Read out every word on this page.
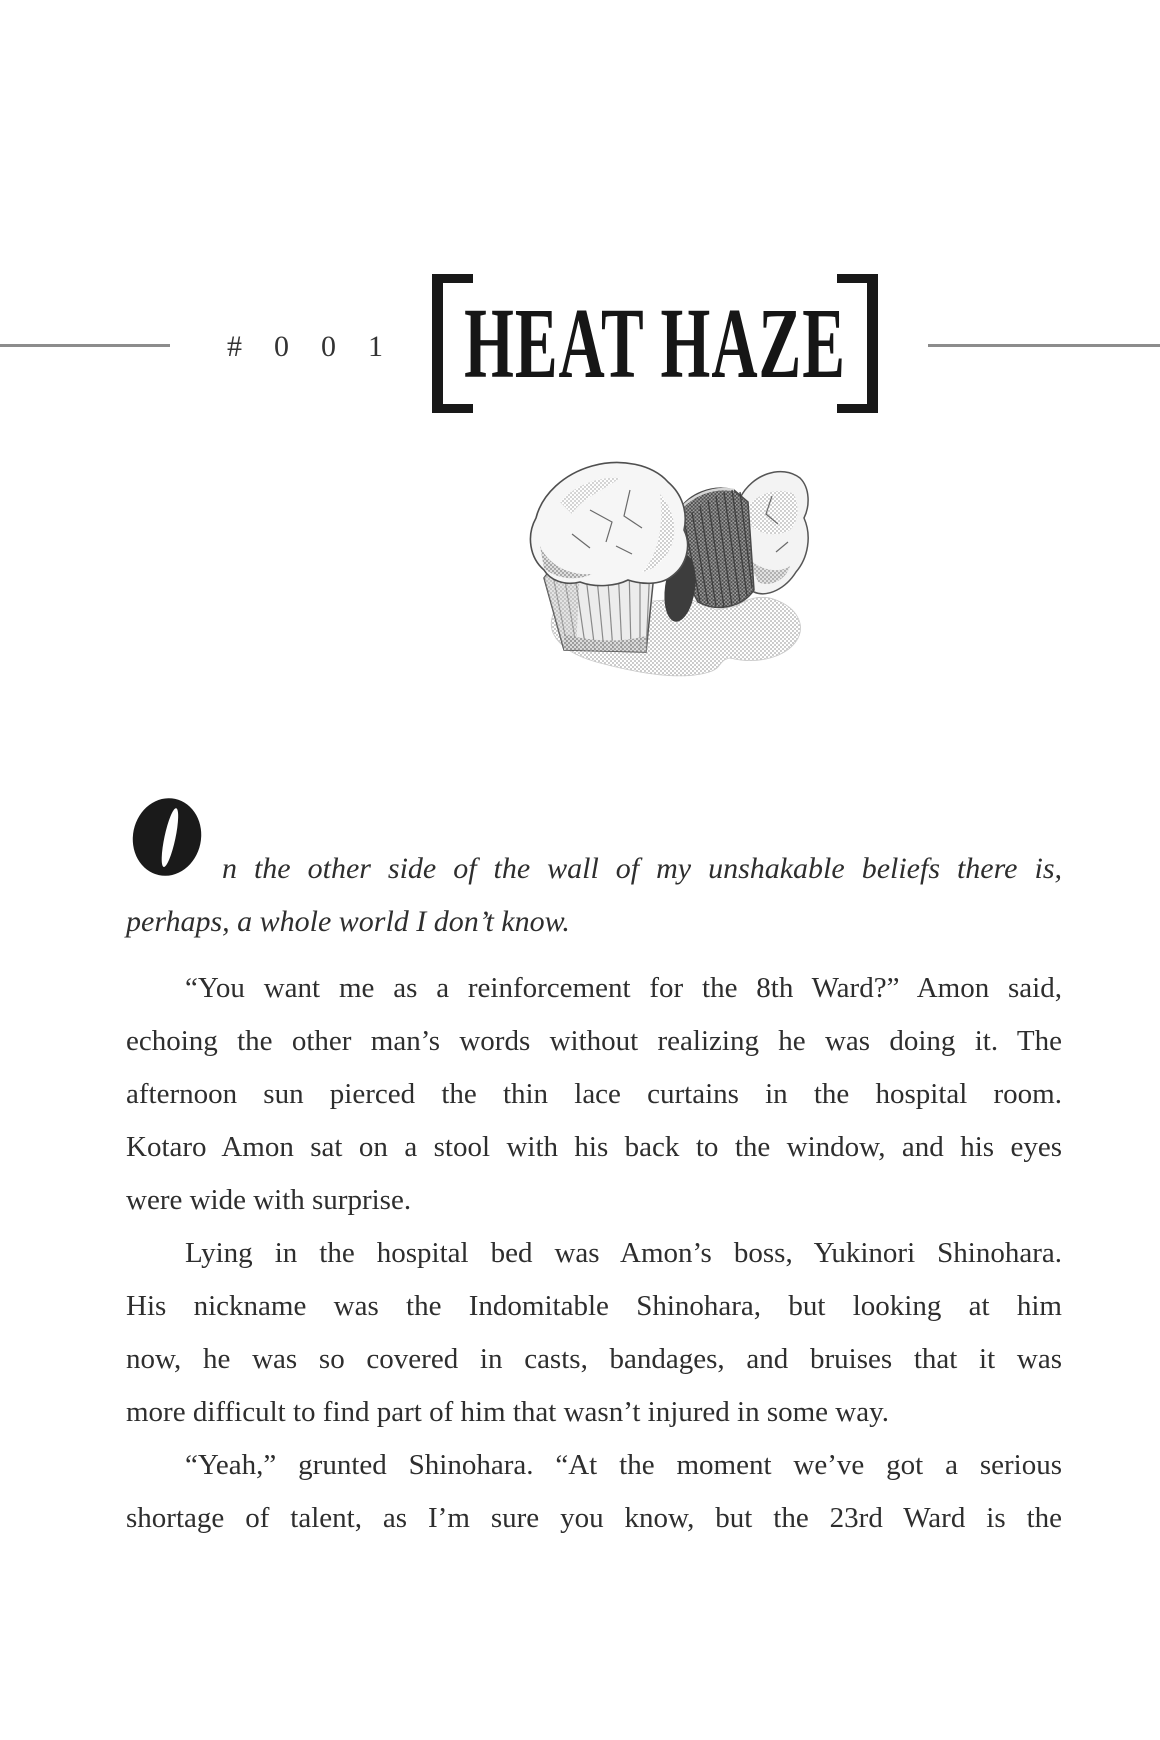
#001 HEAT HAZE
n the other side of the wall of my unshakable beliefs there is,
perhaps, a whole world I don’t know.
“You want me as a reinforcement for the 8th Ward?” Amon said,
echoing the other man’s words without realizing he was doing it. The
afternoon sun pierced the thin lace curtains in the hospital room.
Kotaro Amon sat on a stool with his back to the window, and his eyes
were wide with surprise.
Lying in the hospital bed was Amon’s boss, Yukinori Shinohara.
His nickname was the Indomitable Shinohara, but looking at him
now, he was so covered in casts, bandages, and bruises that it was
more difficult to find part of him that wasn’t injured in some way.
“Yeah,” grunted Shinohara. “At the moment we’ve got a serious
shortage of talent, as I’m sure you know, but the 23rd Ward is the
